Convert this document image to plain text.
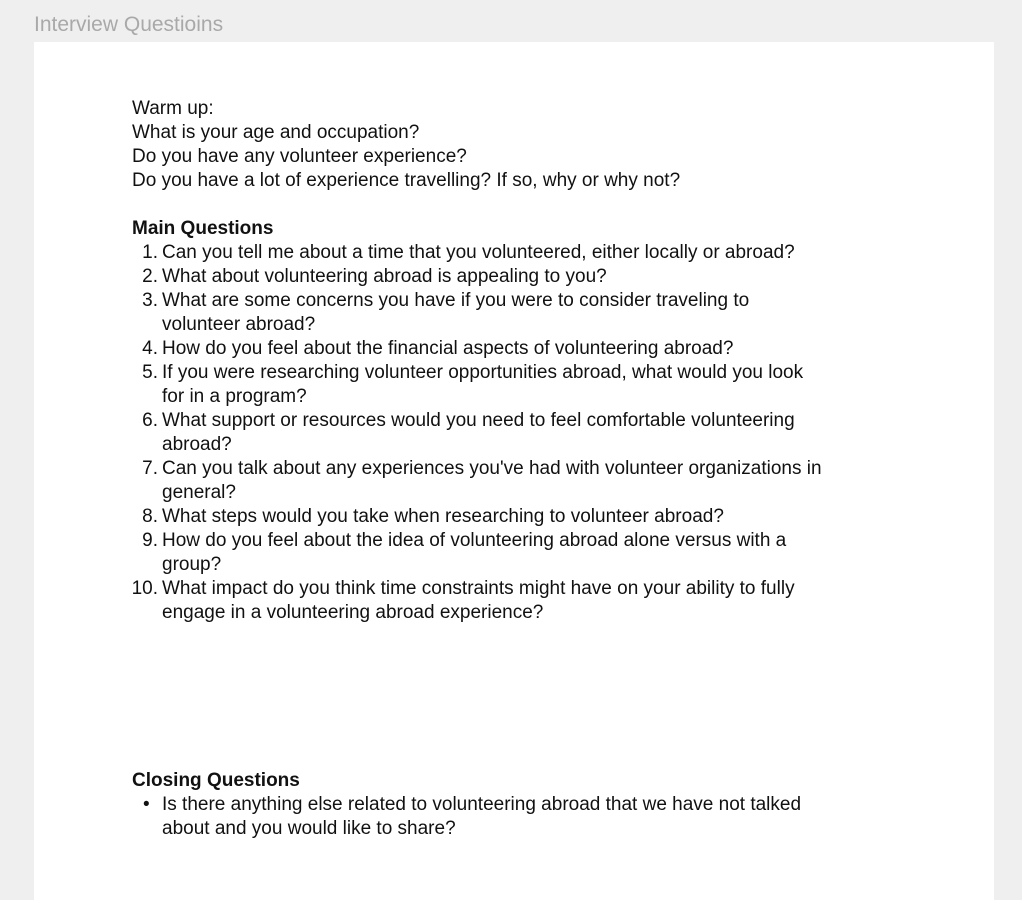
Interview Questioins
Warm up:
What is your age and occupation?
Do you have any volunteer experience?
Do you have a lot of experience travelling? If so, why or why not?
Main Questions
1. Can you tell me about a time that you volunteered, either locally or abroad?
2. What about volunteering abroad is appealing to you?
3. What are some concerns you have if you were to consider traveling to
volunteer abroad?
4. How do you feel about the financial aspects of volunteering abroad?
5. If you were researching volunteer opportunities abroad, what would you look
for in a program?
6. What support or resources would you need to feel comfortable volunteering
abroad?
7. Can you talk about any experiences you've had with volunteer organizations in
general?
8. What steps would you take when researching to volunteer abroad?
9. How do you feel about the idea of volunteering abroad alone versus with a
group?
10. What impact do you think time constraints might have on your ability to fully
engage in a volunteering abroad experience?
Closing Questions
• Is there anything else related to volunteering abroad that we have not talked
about and you would like to share?
